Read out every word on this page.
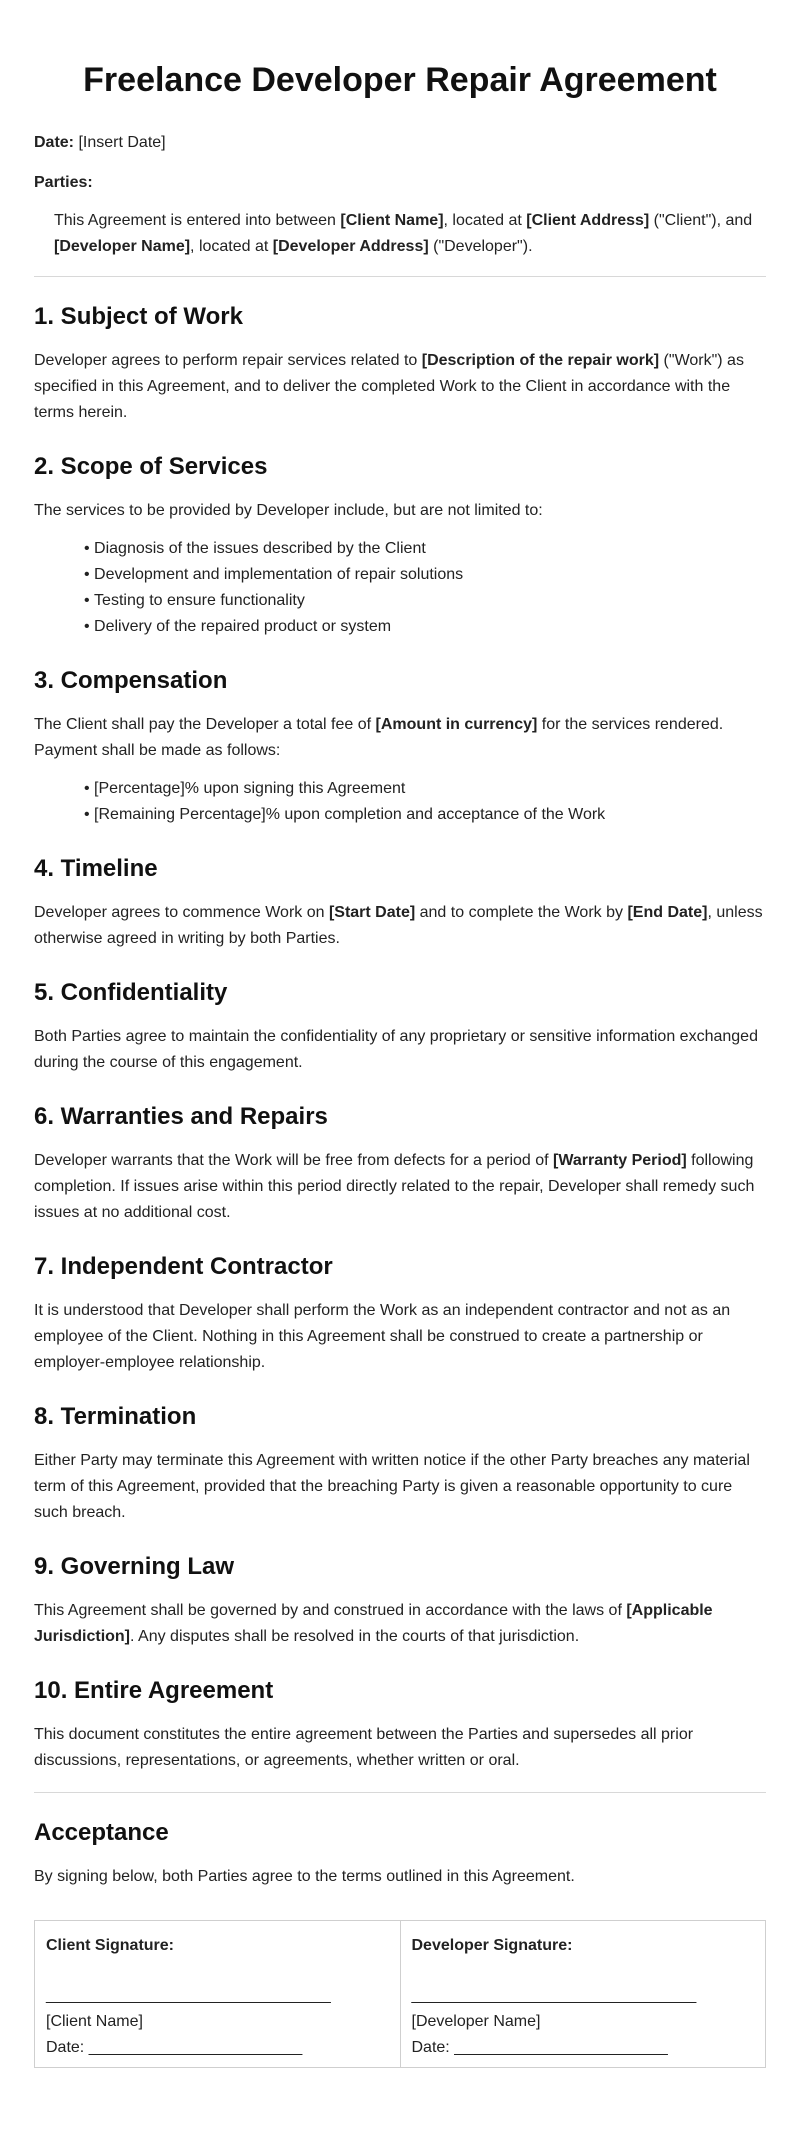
Freelance Developer Repair Agreement

Date: [Insert Date]

Parties:

This Agreement is entered into between [Client Name], located at [Client Address] ("Client"), and [Developer Name], located at [Developer Address] ("Developer").

1. Subject of Work

Developer agrees to perform repair services related to [Description of the repair work] ("Work") as specified in this Agreement, and to deliver the completed Work to the Client in accordance with the terms herein.

2. Scope of Services

The services to be provided by Developer include, but are not limited to:

• Diagnosis of the issues described by the Client
• Development and implementation of repair solutions
• Testing to ensure functionality
• Delivery of the repaired product or system
3. Compensation

The Client shall pay the Developer a total fee of [Amount in currency] for the services rendered. Payment shall be made as follows:

• [Percentage]% upon signing this Agreement
• [Remaining Percentage]% upon completion and acceptance of the Work
4. Timeline

Developer agrees to commence Work on [Start Date] and to complete the Work by [End Date], unless otherwise agreed in writing by both Parties.

5. Confidentiality

Both Parties agree to maintain the confidentiality of any proprietary or sensitive information exchanged during the course of this engagement.

6. Warranties and Repairs

Developer warrants that the Work will be free from defects for a period of [Warranty Period] following completion. If issues arise within this period directly related to the repair, Developer shall remedy such issues at no additional cost.

7. Independent Contractor

It is understood that Developer shall perform the Work as an independent contractor and not as an employee of the Client. Nothing in this Agreement shall be construed to create a partnership or employer-employee relationship.

8. Termination

Either Party may terminate this Agreement with written notice if the other Party breaches any material term of this Agreement, provided that the breaching Party is given a reasonable opportunity to cure such breach.

9. Governing Law

This Agreement shall be governed by and construed in accordance with the laws of [Applicable Jurisdiction]. Any disputes shall be resolved in the courts of that jurisdiction.

10. Entire Agreement

This document constitutes the entire agreement between the Parties and supersedes all prior discussions, representations, or agreements, whether written or oral.

Acceptance

By signing below, both Parties agree to the terms outlined in this Agreement.

Client Signature:
________________________________
[Client Name]
Date: ________________________
Developer Signature:
________________________________
[Developer Name]
Date: ________________________
